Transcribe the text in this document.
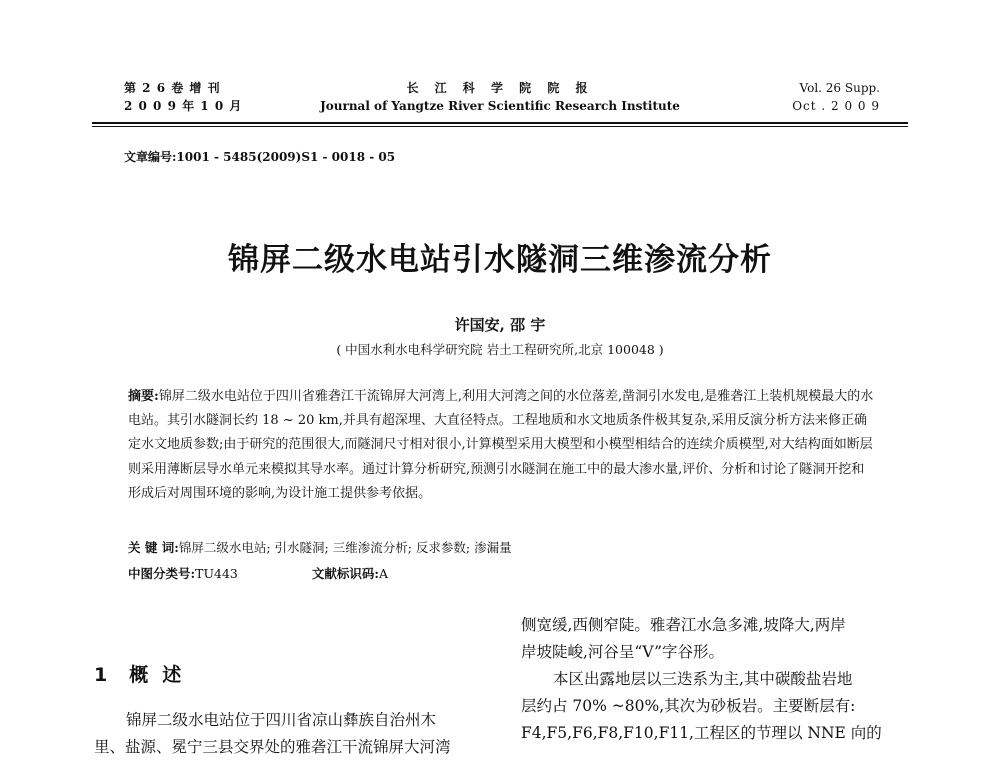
第 2 6 卷 增 刊
2 0 0 9 年 1 0 月
长 江 科 学 院 院 报
Journal of Yangtze River Scientific Research Institute
Vol. 26 Supp.
Oct . 2 0 0 9
文章编号:1001 - 5485(2009)S1 - 0018 - 05
锦屏二级水电站引水隧洞三维渗流分析
许国安, 邵 宇
( 中国水利水电科学研究院 岩土工程研究所,北京 100048 )

摘要:锦屏二级水电站位于四川省雅砻江干流锦屏大河湾上,利用大河湾之间的水位落差,凿洞引水发电,是雅砻江上装机规模最大的水电站。其引水隧洞长约 18 ~ 20 km,并具有超深埋、大直径特点。工程地质和水文地质条件极其复杂,采用反演分析方法来修正确定水文地质参数;由于研究的范围很大,而隧洞尺寸相对很小,计算模型采用大模型和小模型相结合的连续介质模型,对大结构面如断层则采用薄断层导水单元来模拟其导水率。通过计算分析研究,预测引水隧洞在施工中的最大渗水量,评价、分析和讨论了隧洞开挖和形成后对周围环境的影响,为设计施工提供参考依据。

关 键 词:锦屏二级水电站; 引水隧洞; 三维渗流分析; 反求参数; 渗漏量
中图分类号:TU443	文献标识码:A
1 概述

锦屏二级水电站位于四川省凉山彝族自治州木

里、盐源、冕宁三县交界处的雅砻江干流锦屏大河湾

侧宽缓,西侧窄陡。雅砻江水急多滩,坡降大,两岸

岸坡陡峻,河谷呈“V”字谷形。

本区出露地层以三迭系为主,其中碳酸盐岩地

层约占 70% ~80%,其次为砂板岩。主要断层有:

F4,F5,F6,F8,F10,F11,工程区的节理以 NNE 向的
